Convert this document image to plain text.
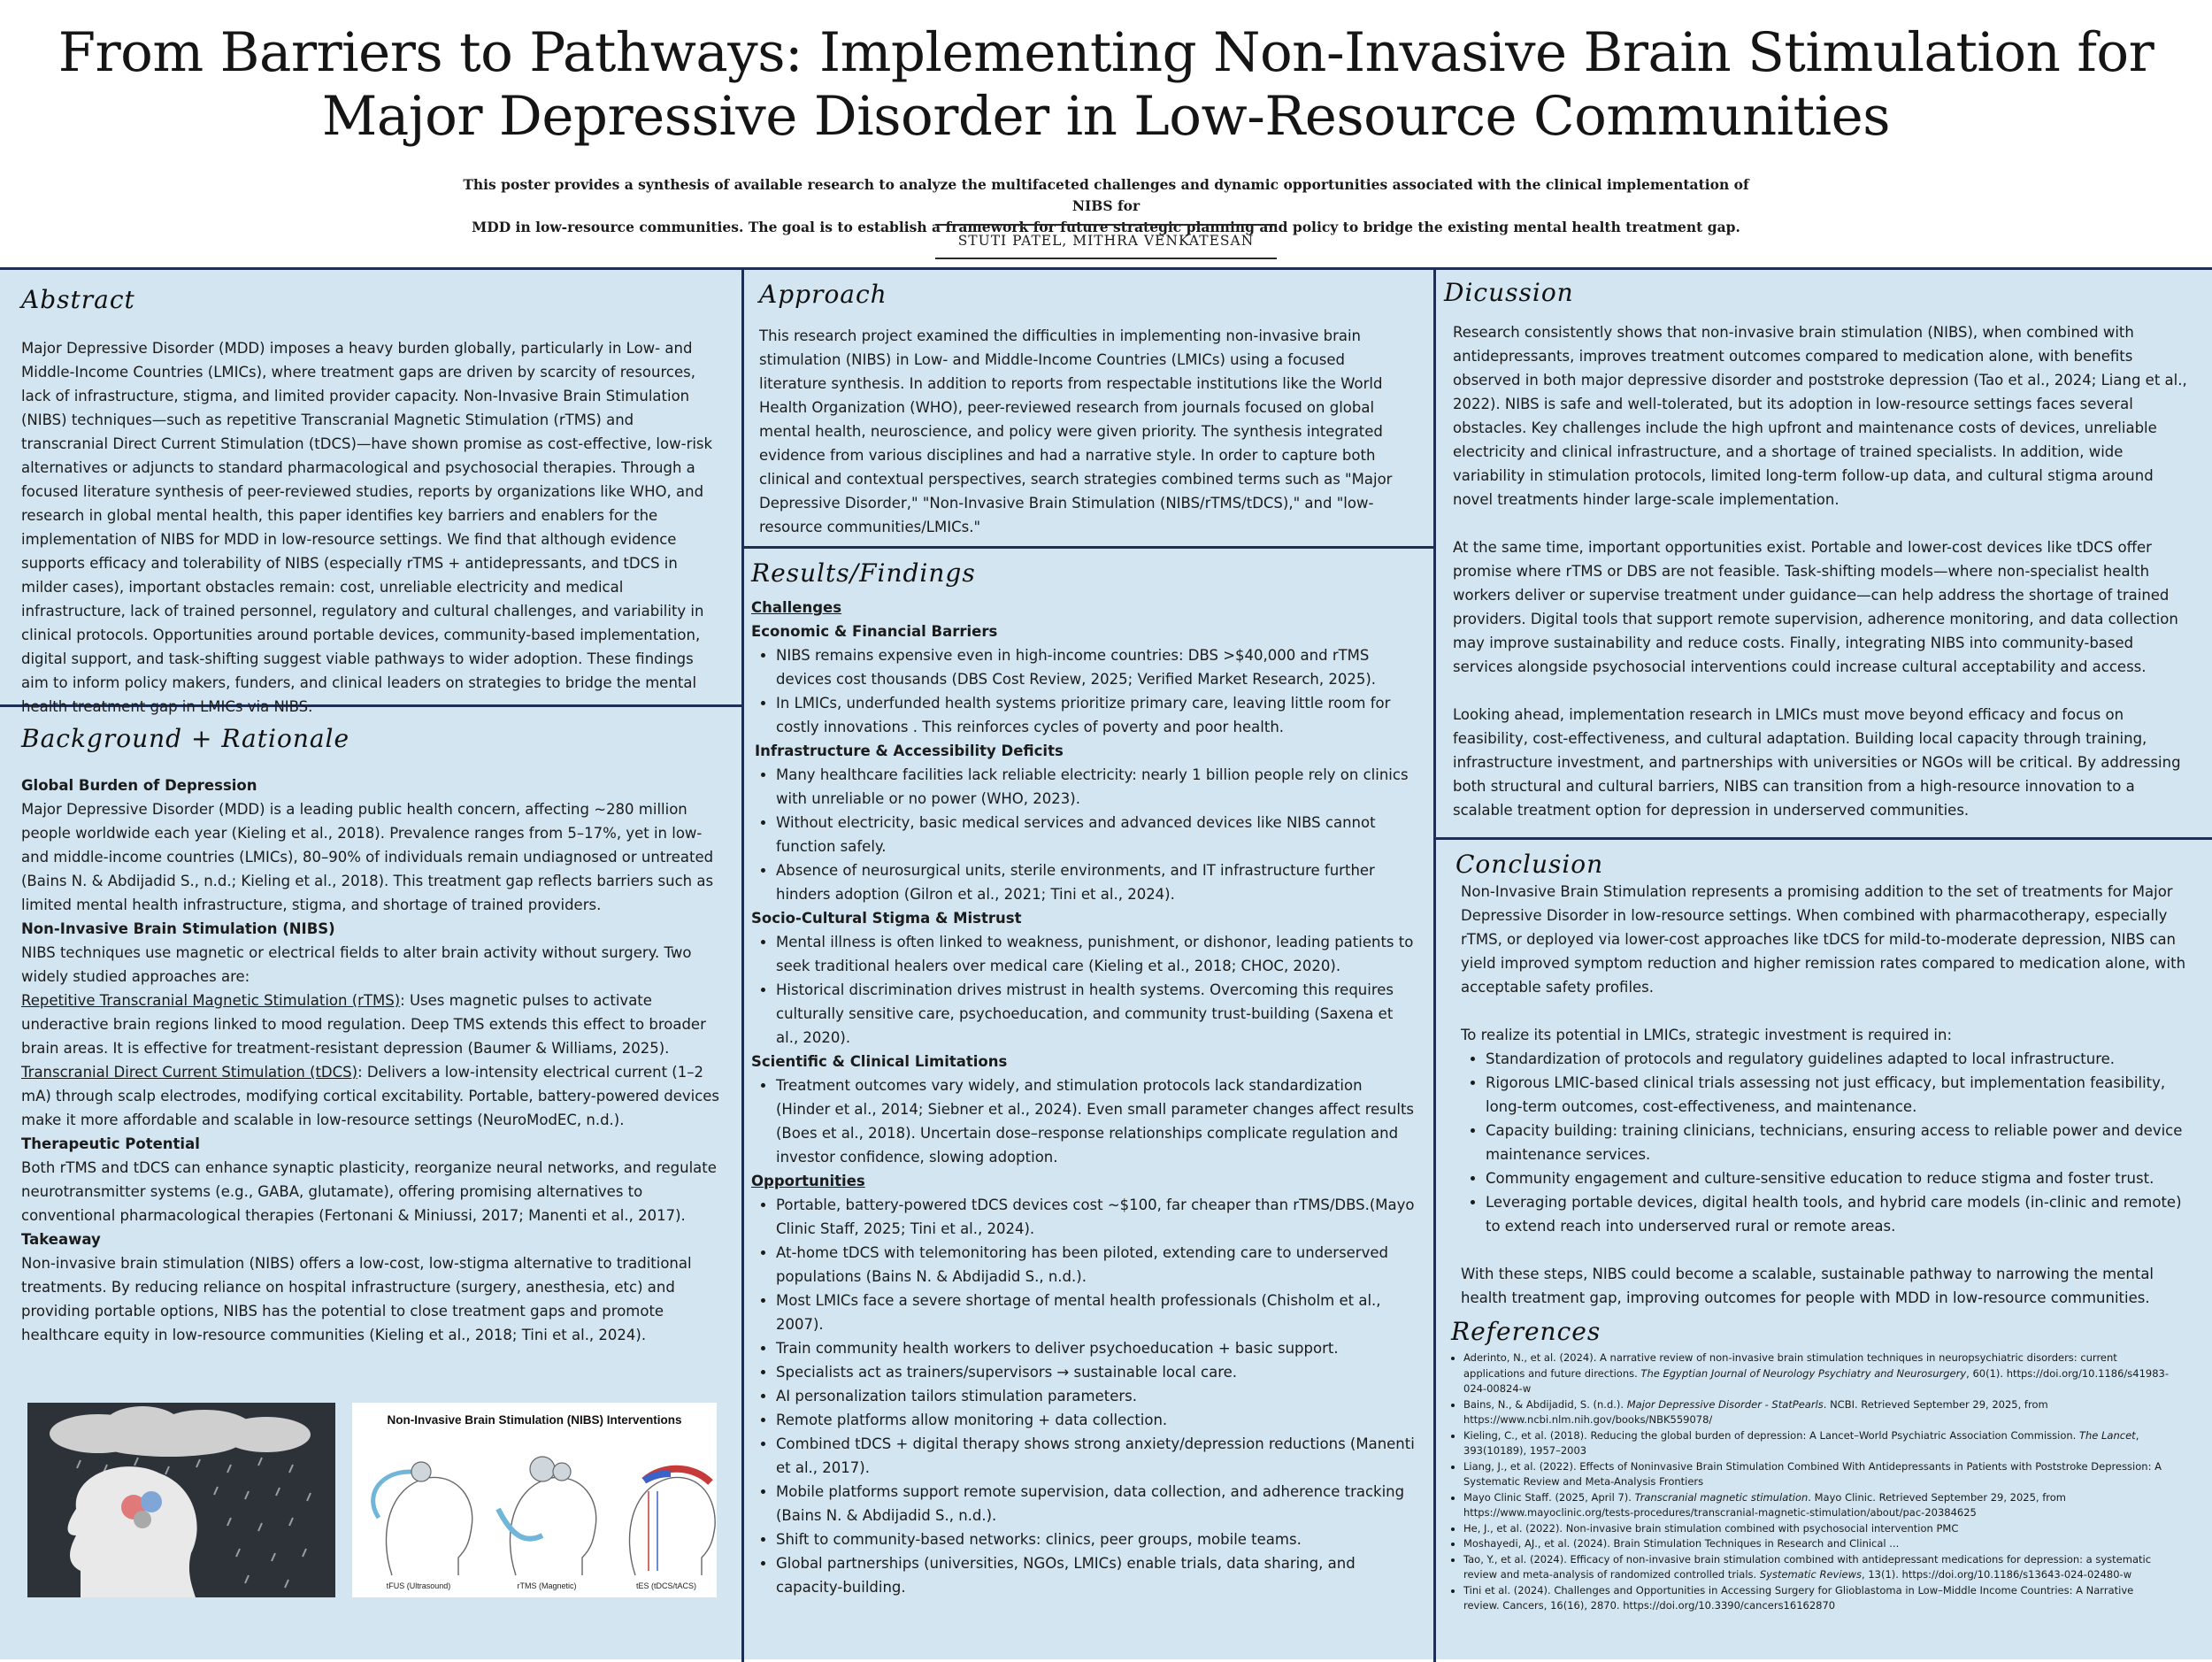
From Barriers to Pathways: Implementing Non-Invasive Brain Stimulation for
Major Depressive Disorder in Low-Resource Communities

This poster provides a synthesis of available research to analyze the multifaceted challenges and dynamic opportunities associated with the clinical implementation of NIBS for
MDD in low-resource communities. The goal is to establish a framework for future strategic planning and policy to bridge the existing mental health treatment gap.

STUTI PATEL, MITHRA VENKATESAN
Abstract

Major Depressive Disorder (MDD) imposes a heavy burden globally, particularly in Low- and Middle-Income Countries (LMICs), where treatment gaps are driven by scarcity of resources, lack of infrastructure, stigma, and limited provider capacity. Non-Invasive Brain Stimulation (NIBS) techniques—such as repetitive Transcranial Magnetic Stimulation (rTMS) and transcranial Direct Current Stimulation (tDCS)—have shown promise as cost-effective, low-risk alternatives or adjuncts to standard pharmacological and psychosocial therapies. Through a focused literature synthesis of peer-reviewed studies, reports by organizations like WHO, and research in global mental health, this paper identifies key barriers and enablers for the implementation of NIBS for MDD in low-resource settings. We find that although evidence supports efficacy and tolerability of NIBS (especially rTMS + antidepressants, and tDCS in milder cases), important obstacles remain: cost, unreliable electricity and medical infrastructure, lack of trained personnel, regulatory and cultural challenges, and variability in clinical protocols. Opportunities around portable devices, community-based implementation, digital support, and task-shifting suggest viable pathways to wider adoption. These findings aim to inform policy makers, funders, and clinical leaders on strategies to bridge the mental health treatment gap in LMICs via NIBS.

Background + Rationale

Global Burden of Depression

Major Depressive Disorder (MDD) is a leading public health concern, affecting ~280 million people worldwide each year (Kieling et al., 2018). Prevalence ranges from 5–17%, yet in low- and middle-income countries (LMICs), 80–90% of individuals remain undiagnosed or untreated (Bains N. & Abdijadid S., n.d.; Kieling et al., 2018). This treatment gap reflects barriers such as limited mental health infrastructure, stigma, and shortage of trained providers.

Non-Invasive Brain Stimulation (NIBS)

NIBS techniques use magnetic or electrical fields to alter brain activity without surgery. Two widely studied approaches are:

Repetitive Transcranial Magnetic Stimulation (rTMS): Uses magnetic pulses to activate underactive brain regions linked to mood regulation. Deep TMS extends this effect to broader brain areas. It is effective for treatment-resistant depression (Baumer & Williams, 2025).

Transcranial Direct Current Stimulation (tDCS): Delivers a low-intensity electrical current (1–2 mA) through scalp electrodes, modifying cortical excitability. Portable, battery-powered devices make it more affordable and scalable in low-resource settings (NeuroModEC, n.d.).

Therapeutic Potential

Both rTMS and tDCS can enhance synaptic plasticity, reorganize neural networks, and regulate neurotransmitter systems (e.g., GABA, glutamate), offering promising alternatives to conventional pharmacological therapies (Fertonani & Miniussi, 2017; Manenti et al., 2017).

Takeaway

Non-invasive brain stimulation (NIBS) offers a low-cost, low-stigma alternative to traditional treatments. By reducing reliance on hospital infrastructure (surgery, anesthesia, etc) and providing portable options, NIBS has the potential to close treatment gaps and promote healthcare equity in low-resource communities (Kieling et al., 2018; Tini et al., 2024).

Non-Invasive Brain Stimulation (NIBS) Interventions
tFUS (Ultrasound)	rTMS (Magnetic)	tES (tDCS/tACS)
Approach

This research project examined the difficulties in implementing non-invasive brain stimulation (NIBS) in Low- and Middle-Income Countries (LMICs) using a focused literature synthesis. In addition to reports from respectable institutions like the World Health Organization (WHO), peer-reviewed research from journals focused on global mental health, neuroscience, and policy were given priority. The synthesis integrated evidence from various disciplines and had a narrative style. In order to capture both clinical and contextual perspectives, search strategies combined terms such as "Major Depressive Disorder," "Non-Invasive Brain Stimulation (NIBS/rTMS/tDCS)," and "low-resource communities/LMICs."

Results/Findings

Challenges

Economic & Financial Barriers

• NIBS remains expensive even in high-income countries: DBS >$40,000 and rTMS devices cost thousands (DBS Cost Review, 2025; Verified Market Research, 2025).
• In LMICs, underfunded health systems prioritize primary care, leaving little room for costly innovations . This reinforces cycles of poverty and poor health.

Infrastructure & Accessibility Deficits

• Many healthcare facilities lack reliable electricity: nearly 1 billion people rely on clinics with unreliable or no power (WHO, 2023).
• Without electricity, basic medical services and advanced devices like NIBS cannot function safely.
• Absence of neurosurgical units, sterile environments, and IT infrastructure further hinders adoption (Gilron et al., 2021; Tini et al., 2024).

Socio-Cultural Stigma & Mistrust

• Mental illness is often linked to weakness, punishment, or dishonor, leading patients to seek traditional healers over medical care (Kieling et al., 2018; CHOC, 2020).
• Historical discrimination drives mistrust in health systems. Overcoming this requires culturally sensitive care, psychoeducation, and community trust-building (Saxena et al., 2020).

Scientific & Clinical Limitations

• Treatment outcomes vary widely, and stimulation protocols lack standardization (Hinder et al., 2014; Siebner et al., 2024). Even small parameter changes affect results (Boes et al., 2018). Uncertain dose–response relationships complicate regulation and investor confidence, slowing adoption.

Opportunities

• Portable, battery-powered tDCS devices cost ~$100, far cheaper than rTMS/DBS.(Mayo Clinic Staff, 2025; Tini et al., 2024).
• At-home tDCS with telemonitoring has been piloted, extending care to underserved populations (Bains N. & Abdijadid S., n.d.).
• Most LMICs face a severe shortage of mental health professionals (Chisholm et al., 2007).
• Train community health workers to deliver psychoeducation + basic support.
• Specialists act as trainers/supervisors → sustainable local care.
• AI personalization tailors stimulation parameters.
• Remote platforms allow monitoring + data collection.
• Combined tDCS + digital therapy shows strong anxiety/depression reductions (Manenti et al., 2017).
• Mobile platforms support remote supervision, data collection, and adherence tracking (Bains N. & Abdijadid S., n.d.).
• Shift to community-based networks: clinics, peer groups, mobile teams.
• Global partnerships (universities, NGOs, LMICs) enable trials, data sharing, and capacity-building.
Dicussion

Research consistently shows that non-invasive brain stimulation (NIBS), when combined with antidepressants, improves treatment outcomes compared to medication alone, with benefits observed in both major depressive disorder and poststroke depression (Tao et al., 2024; Liang et al., 2022). NIBS is safe and well-tolerated, but its adoption in low-resource settings faces several obstacles. Key challenges include the high upfront and maintenance costs of devices, unreliable electricity and clinical infrastructure, and a shortage of trained specialists. In addition, wide variability in stimulation protocols, limited long-term follow-up data, and cultural stigma around novel treatments hinder large-scale implementation.

At the same time, important opportunities exist. Portable and lower-cost devices like tDCS offer promise where rTMS or DBS are not feasible. Task-shifting models—where non-specialist health workers deliver or supervise treatment under guidance—can help address the shortage of trained providers. Digital tools that support remote supervision, adherence monitoring, and data collection may improve sustainability and reduce costs. Finally, integrating NIBS into community-based services alongside psychosocial interventions could increase cultural acceptability and access.

Looking ahead, implementation research in LMICs must move beyond efficacy and focus on feasibility, cost-effectiveness, and cultural adaptation. Building local capacity through training, infrastructure investment, and partnerships with universities or NGOs will be critical. By addressing both structural and cultural barriers, NIBS can transition from a high-resource innovation to a scalable treatment option for depression in underserved communities.

Conclusion

Non-Invasive Brain Stimulation represents a promising addition to the set of treatments for Major Depressive Disorder in low-resource settings. When combined with pharmacotherapy, especially rTMS, or deployed via lower-cost approaches like tDCS for mild-to-moderate depression, NIBS can yield improved symptom reduction and higher remission rates compared to medication alone, with acceptable safety profiles.

To realize its potential in LMICs, strategic investment is required in:

• Standardization of protocols and regulatory guidelines adapted to local infrastructure.
• Rigorous LMIC-based clinical trials assessing not just efficacy, but implementation feasibility, long-term outcomes, cost-effectiveness, and maintenance.
• Capacity building: training clinicians, technicians, ensuring access to reliable power and device maintenance services.
• Community engagement and culture-sensitive education to reduce stigma and foster trust.
• Leveraging portable devices, digital health tools, and hybrid care models (in-clinic and remote) to extend reach into underserved rural or remote areas.

With these steps, NIBS could become a scalable, sustainable pathway to narrowing the mental health treatment gap, improving outcomes for people with MDD in low-resource communities.

References
• Aderinto, N., et al. (2024). A narrative review of non-invasive brain stimulation techniques in neuropsychiatric disorders: current applications and future directions. The Egyptian Journal of Neurology Psychiatry and Neurosurgery, 60(1). https://doi.org/10.1186/s41983-024-00824-w
• Bains, N., & Abdijadid, S. (n.d.). Major Depressive Disorder - StatPearls. NCBI. Retrieved September 29, 2025, from https://www.ncbi.nlm.nih.gov/books/NBK559078/
• Kieling, C., et al. (2018). Reducing the global burden of depression: A Lancet–World Psychiatric Association Commission. The Lancet, 393(10189), 1957–2003
• Liang, J., et al. (2022). Effects of Noninvasive Brain Stimulation Combined With Antidepressants in Patients with Poststroke Depression: A Systematic Review and Meta-Analysis Frontiers
• Mayo Clinic Staff. (2025, April 7). Transcranial magnetic stimulation. Mayo Clinic. Retrieved September 29, 2025, from https://www.mayoclinic.org/tests-procedures/transcranial-magnetic-stimulation/about/pac-20384625
• He, J., et al. (2022). Non-invasive brain stimulation combined with psychosocial intervention PMC
• Moshayedi, AJ., et al. (2024). Brain Stimulation Techniques in Research and Clinical ...
• Tao, Y., et al. (2024). Efficacy of non-invasive brain stimulation combined with antidepressant medications for depression: a systematic review and meta-analysis of randomized controlled trials. Systematic Reviews, 13(1). https://doi.org/10.1186/s13643-024-02480-w
• Tini et al. (2024). Challenges and Opportunities in Accessing Surgery for Glioblastoma in Low–Middle Income Countries: A Narrative review. Cancers, 16(16), 2870. https://doi.org/10.3390/cancers16162870
